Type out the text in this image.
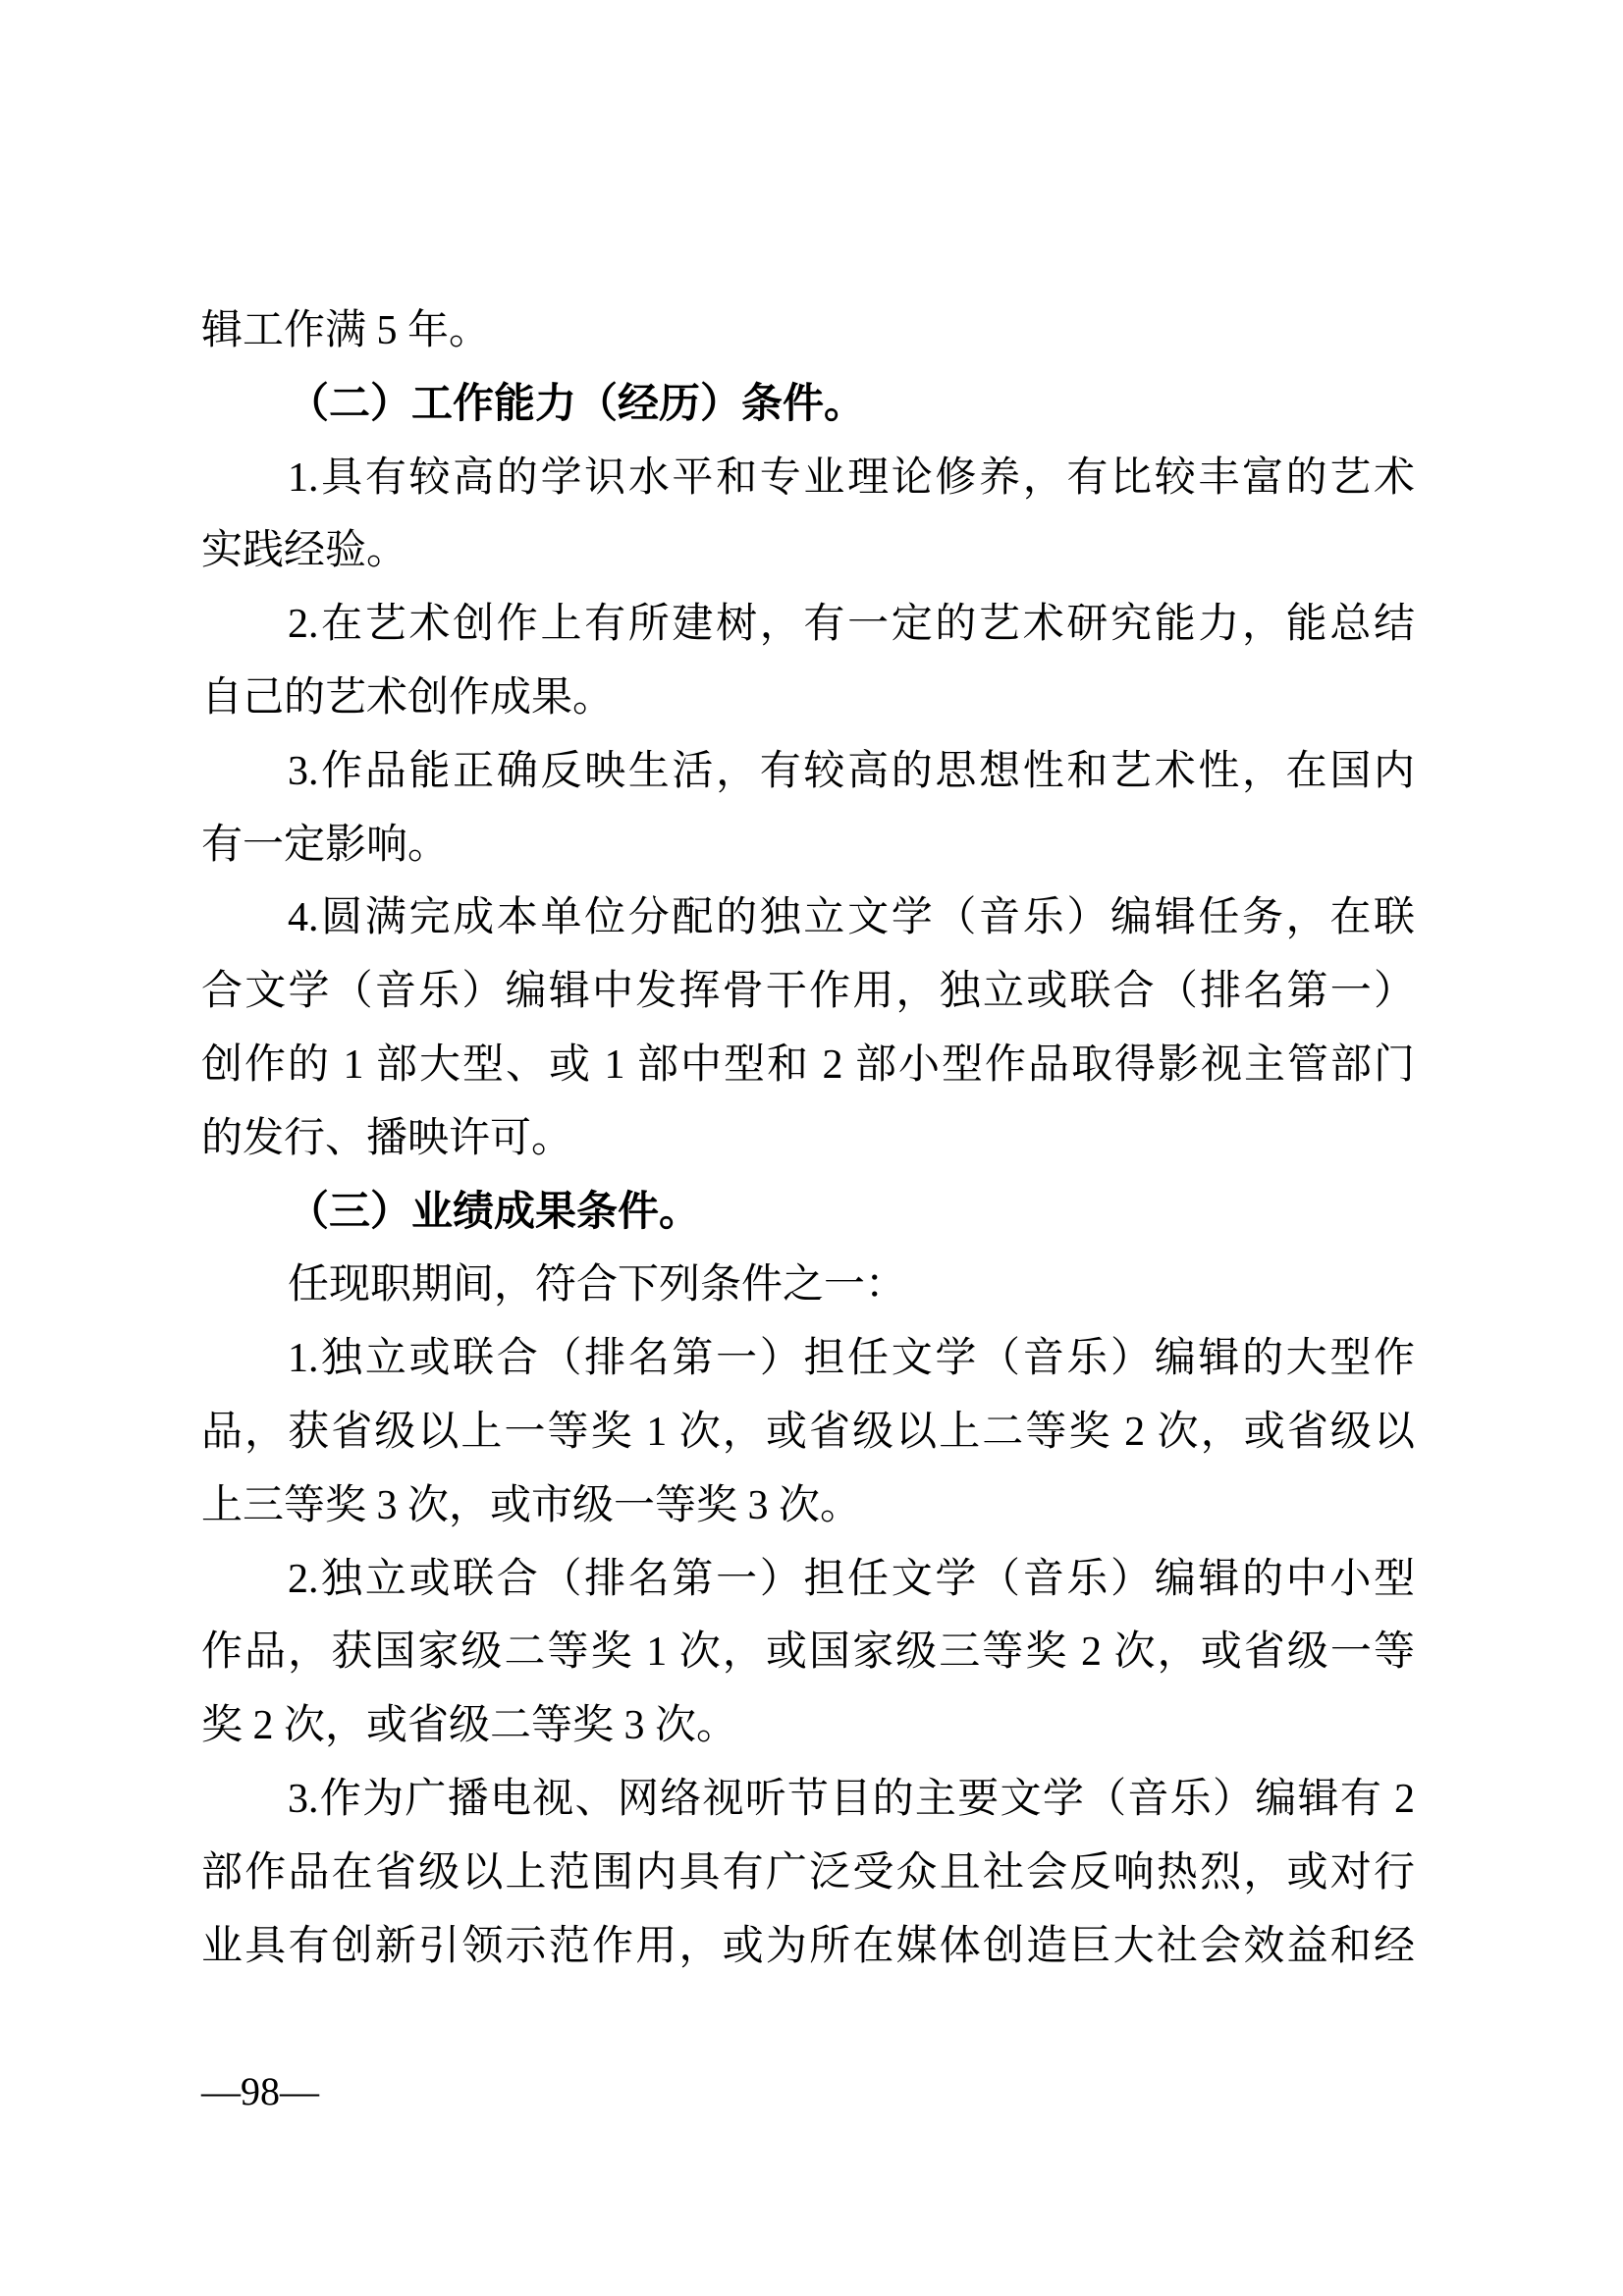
辑工作满 5 年。
（二）工作能力（经历）条件。
1.具有较高的学识水平和专业理论修养，有比较丰富的艺术
实践经验。
2.在艺术创作上有所建树，有一定的艺术研究能力，能总结
自己的艺术创作成果。
3.作品能正确反映生活，有较高的思想性和艺术性，在国内
有一定影响。
4.圆满完成本单位分配的独立文学（音乐）编辑任务，在联
合文学（音乐）编辑中发挥骨干作用，独立或联合（排名第一）
创作的 1 部大型、或 1 部中型和 2 部小型作品取得影视主管部门
的发行、播映许可。
（三）业绩成果条件。
任现职期间，符合下列条件之一：
1.独立或联合（排名第一）担任文学（音乐）编辑的大型作
品，获省级以上一等奖 1 次，或省级以上二等奖 2 次，或省级以
上三等奖 3 次，或市级一等奖 3 次。
2.独立或联合（排名第一）担任文学（音乐）编辑的中小型
作品，获国家级二等奖 1 次，或国家级三等奖 2 次，或省级一等
奖 2 次，或省级二等奖 3 次。
3.作为广播电视、网络视听节目的主要文学（音乐）编辑有 2
部作品在省级以上范围内具有广泛受众且社会反响热烈，或对行
业具有创新引领示范作用，或为所在媒体创造巨大社会效益和经
—98—
